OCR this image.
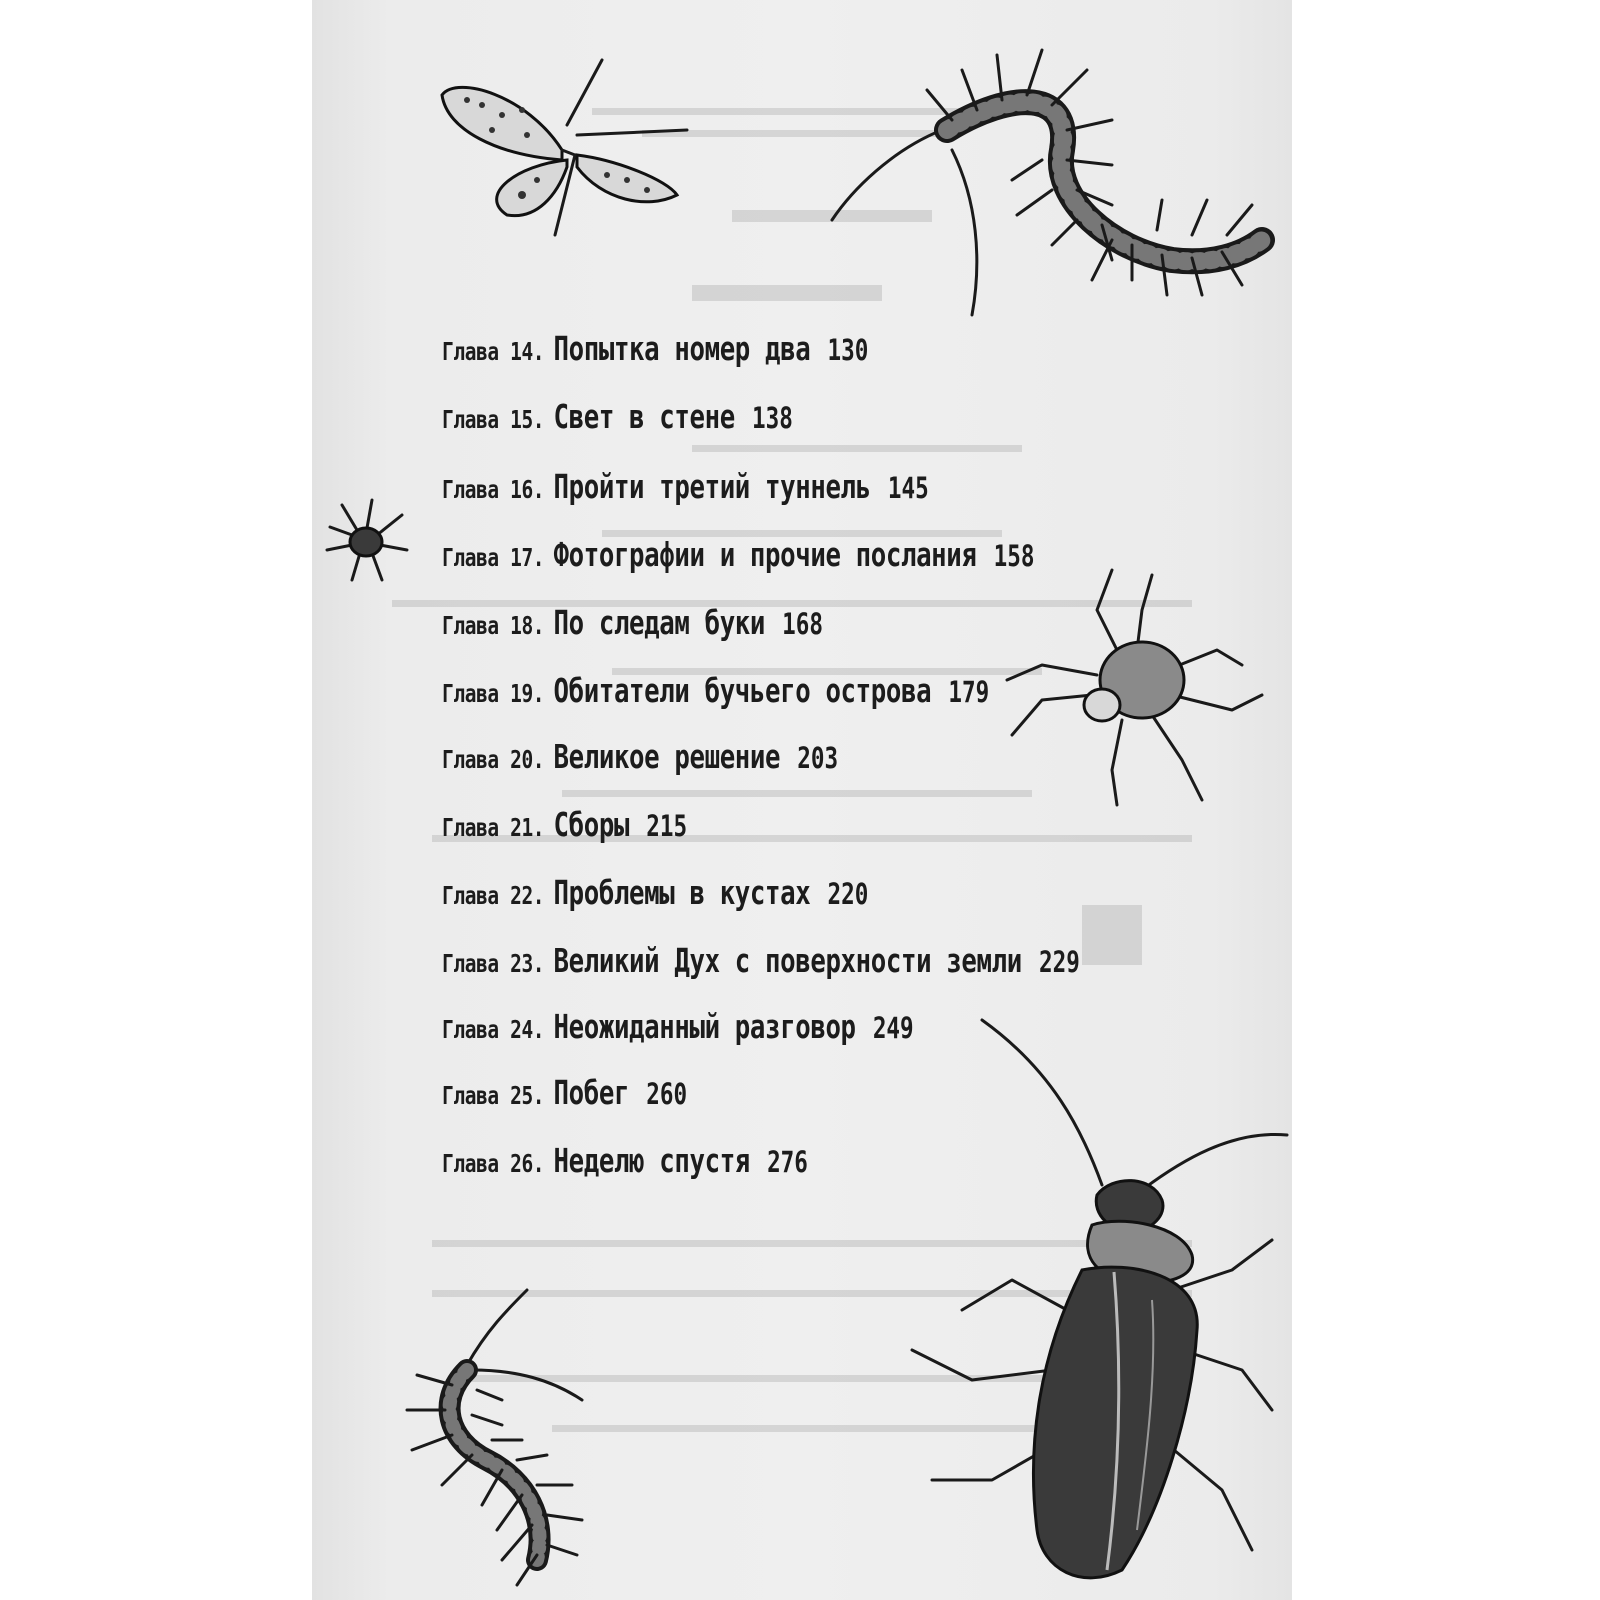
Глава 14. Попытка номер два 130
Глава 15. Свет в стене 138
Глава 16. Пройти третий туннель 145
Глава 17. Фотографии и прочие послания 158
Глава 18. По следам буки 168
Глава 19. Обитатели бучьего острова 179
Глава 20. Великое решение 203
Глава 21. Сборы 215
Глава 22. Проблемы в кустах 220
Глава 23. Великий Дух с поверхности земли 229
Глава 24. Неожиданный разговор 249
Глава 25. Побег 260
Глава 26. Неделю спустя 276
